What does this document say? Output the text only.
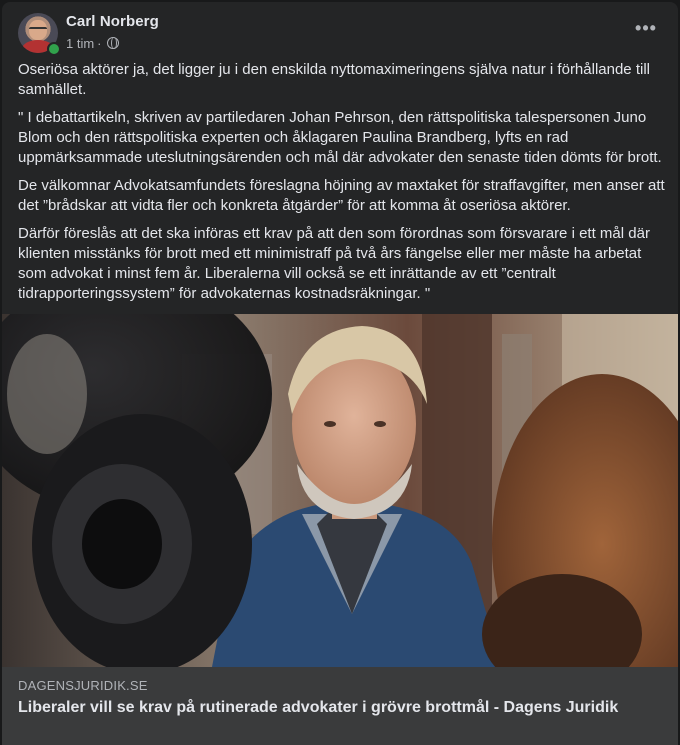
Carl Norberg
1 tim ·
•••

Oseriösa aktörer ja, det ligger ju i den enskilda nyttomaximeringens själva natur i förhållande till samhället.

" I debattartikeln, skriven av partiledaren Johan Pehrson, den rättspolitiska talespersonen Juno Blom och den rättspolitiska experten och åklagaren Paulina Brandberg, lyfts en rad uppmärksammade uteslutningsärenden och mål där advokater den senaste tiden dömts för brott.

De välkomnar Advokatsamfundets föreslagna höjning av maxtaket för straffavgifter, men anser att det ”brådskar att vidta fler och konkreta åtgärder” för att komma åt oseriösa aktörer.

Därför föreslås att det ska införas ett krav på att den som förordnas som försvarare i ett mål där klienten misstänks för brott med ett minimistraff på två års fängelse eller mer måste ha arbetat som advokat i minst fem år. Liberalerna vill också se ett inrättande av ett ”centralt tidrapporteringssystem” för advokaternas kostnadsräkningar. "

DAGENSJURIDIK.SE
Liberaler vill se krav på rutinerade advokater i grövre brottmål - Dagens Juridik
